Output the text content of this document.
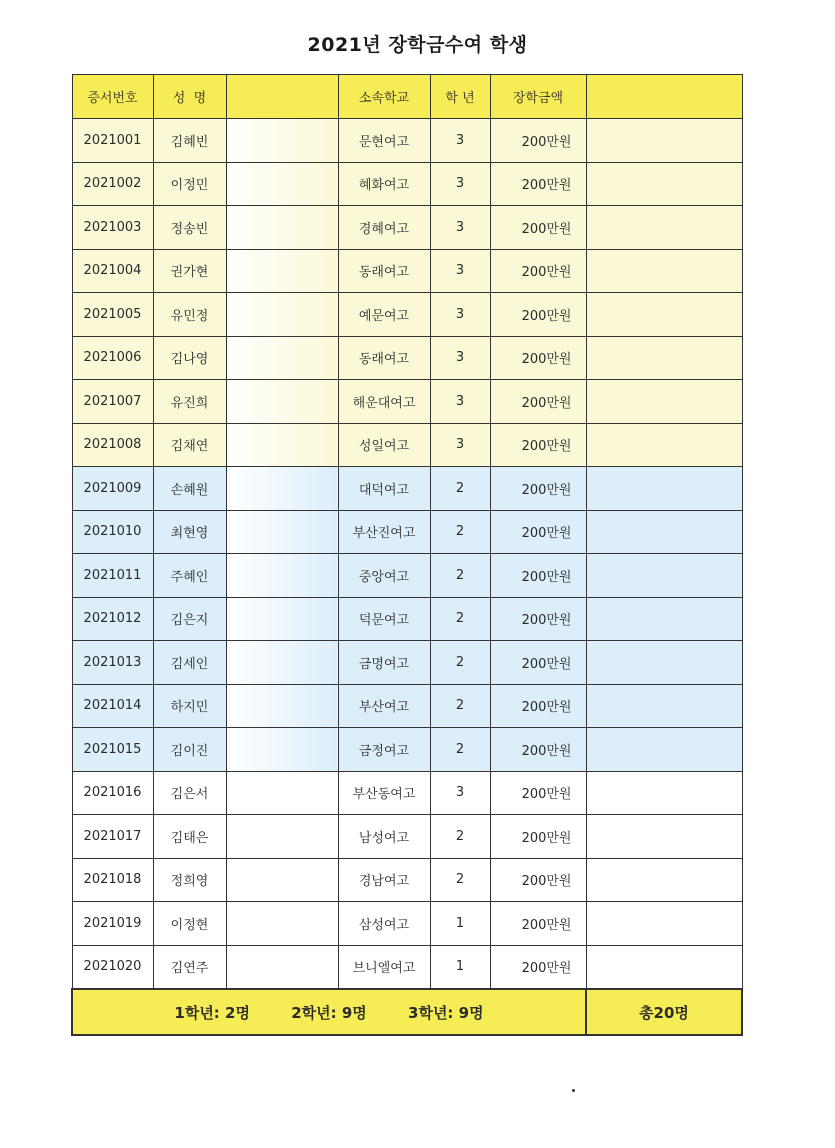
2021년 장학금수여 학생
증서번호	성  명		소속학교	학 년	장학금액	
2021001	김혜빈		문현여고	3	200만원	
2021002	이정민		혜화여고	3	200만원	
2021003	정송빈		경혜여고	3	200만원	
2021004	권가현		동래여고	3	200만원	
2021005	유민정		예문여고	3	200만원	
2021006	김나영		동래여고	3	200만원	
2021007	유진희		해운대여고	3	200만원	
2021008	김채연		성일여고	3	200만원	
2021009	손혜원		대덕여고	2	200만원	
2021010	최현영		부산진여고	2	200만원	
2021011	주혜인		중앙여고	2	200만원	
2021012	김은지		덕문여고	2	200만원	
2021013	김세인		금명여고	2	200만원	
2021014	하지민		부산여고	2	200만원	
2021015	김이진		금정여고	2	200만원	
2021016	김은서		부산동여고	3	200만원	
2021017	김태은		남성여고	2	200만원	
2021018	정희영		경남여고	2	200만원	
2021019	이정현		삼성여고	1	200만원	
2021020	김연주		브니엘여고	1	200만원	
1학년: 2명 2학년: 9명 3학년: 9명						총20명
